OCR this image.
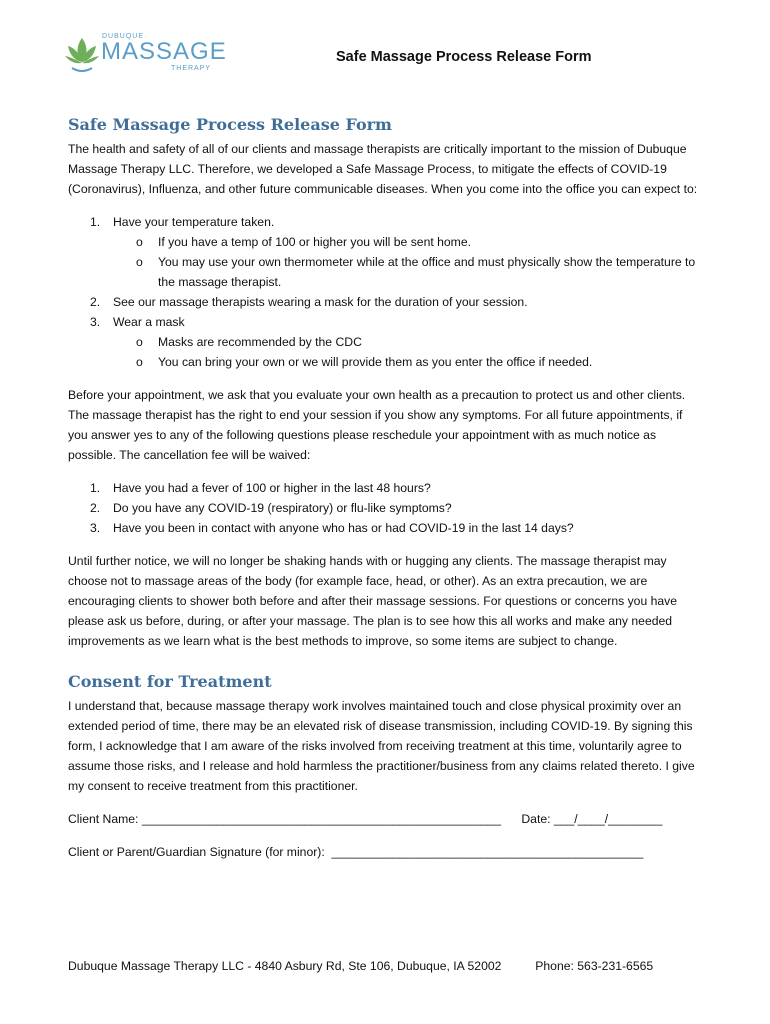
DUBUQUE
MASSAGE
THERAPY
Safe Massage Process Release Form
Safe Massage Process Release Form

The health and safety of all of our clients and massage therapists are critically important to the mission of Dubuque Massage Therapy LLC. Therefore, we developed a Safe Massage Process, to mitigate the effects of COVID-19 (Coronavirus), Influenza, and other future communicable diseases. When you come into the office you can expect to:

1. Have your temperature taken.
o If you have a temp of 100 or higher you will be sent home.
o You may use your own thermometer while at the office and must physically show the temperature to the massage therapist.
2. See our massage therapists wearing a mask for the duration of your session.
3. Wear a mask
o Masks are recommended by the CDC
o You can bring your own or we will provide them as you enter the office if needed.

Before your appointment, we ask that you evaluate your own health as a precaution to protect us and other clients. The massage therapist has the right to end your session if you show any symptoms. For all future appointments, if you answer yes to any of the following questions please reschedule your appointment with as much notice as possible. The cancellation fee will be waived:

1. Have you had a fever of 100 or higher in the last 48 hours?
2. Do you have any COVID-19 (respiratory) or flu-like symptoms?
3. Have you been in contact with anyone who has or had COVID-19 in the last 14 days?

Until further notice, we will no longer be shaking hands with or hugging any clients. The massage therapist may choose not to massage areas of the body (for example face, head, or other). As an extra precaution, we are encouraging clients to shower both before and after their massage sessions. For questions or concerns you have please ask us before, during, or after your massage. The plan is to see how this all works and make any needed improvements as we learn what is the best methods to improve, so some items are subject to change.

Consent for Treatment

I understand that, because massage therapy work involves maintained touch and close physical proximity over an extended period of time, there may be an elevated risk of disease transmission, including COVID-19. By signing this form, I acknowledge that I am aware of the risks involved from receiving treatment at this time, voluntarily agree to assume those risks, and I release and hold harmless the practitioner/business from any claims related thereto. I give my consent to receive treatment from this practitioner.

Client Name: _____________________________________________________      Date: ___/____/________

Client or Parent/Guardian Signature (for minor):  ______________________________________________

Dubuque Massage Therapy LLC - 4840 Asbury Rd, Ste 106, Dubuque, IA 52002          Phone: 563-231-6565
